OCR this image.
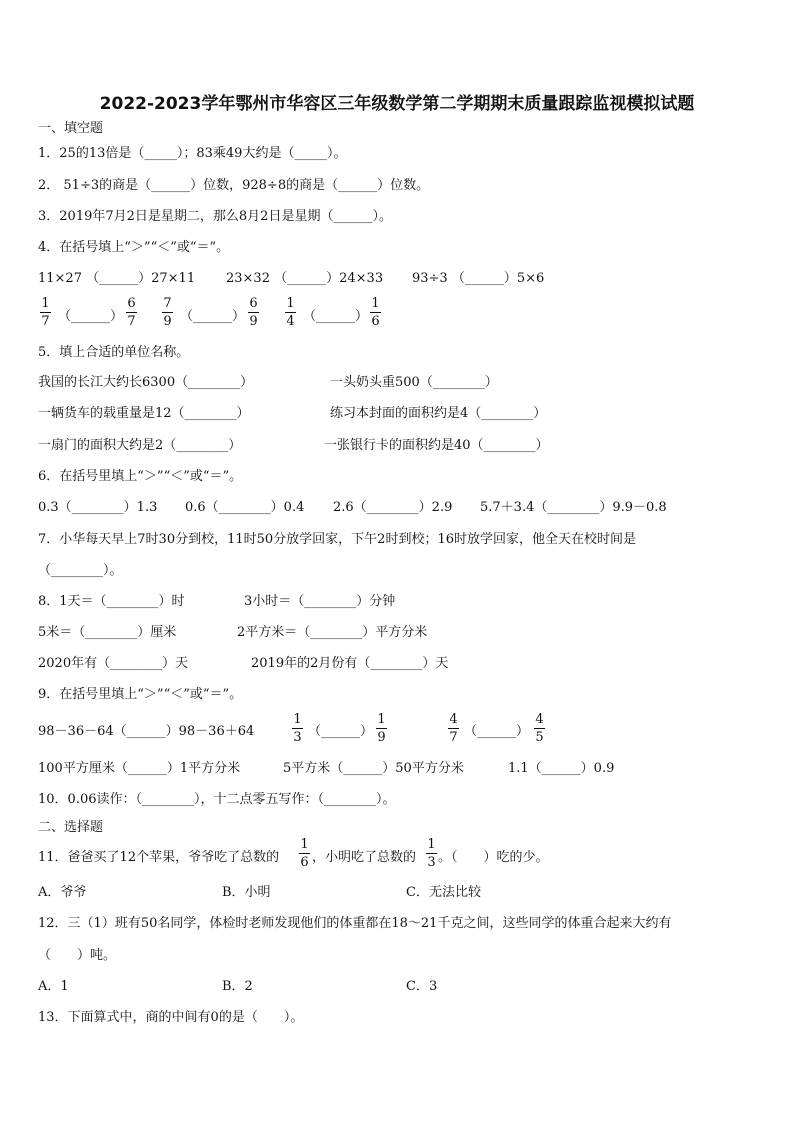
2022-2023学年鄂州市华容区三年级数学第二学期期末质量跟踪监视模拟试题
一、填空题
1．25的13倍是（_____）；83乘49大约是（_____）。
2． 51÷3的商是（______）位数，928÷8的商是（______）位数。
3．2019年7月2日是星期二，那么8月2日是星期（______）。
4．在括号填上“＞”“＜”或“＝”。
11×27 （______）27×11 23×32 （______）24×33 93÷3 （______）5×6
1
7 （______）
6
7
7
9 （______）
6
9
1
4 （______）
1
6
5．填上合适的单位名称。
我国的长江大约长6300（________）	一头奶头重500（________）
一辆货车的载重量是12（________）	练习本封面的面积约是4（________）
一扇门的面积大约是2（________）	一张银行卡的面积约是40（________）
6．在括号里填上“＞”“＜”或“＝”。
0.3（________）1.3 0.6（________）0.4 2.6（________）2.9 5.7＋3.4（________）9.9－0.8
7．小华每天早上7时30分到校，11时50分放学回家，下午2时到校；16时放学回家，他全天在校时间是
（________）。
8．1天＝（________）时	3小时＝（________）分钟
5米＝（________）厘米	2平方米＝（________）平方分米
2020年有（________）天	2019年的2月份有（________）天
9．在括号里填上“＞”“＜”或“＝”。
98－36－64（______）98－36＋64
1
3 （______）
1
9
4
7 （______）
4
5
100平方厘米（______）1平方分米	5平方米（______）50平方分米	1.1（______）0.9
10．0.06读作：（________），十二点零五写作：（________）。
二、选择题
11．爸爸买了12个苹果，爷爷吃了总数的
1
6 ，小明吃了总数的
1
3 。（　　）吃的少。
A．爷爷	B．小明	C．无法比较
12．三（1）班有50名同学，体检时老师发现他们的体重都在18～21千克之间，这些同学的体重合起来大约有
（　　）吨。
A．1	B．2	C．3
13．下面算式中，商的中间有0的是（　　）。
